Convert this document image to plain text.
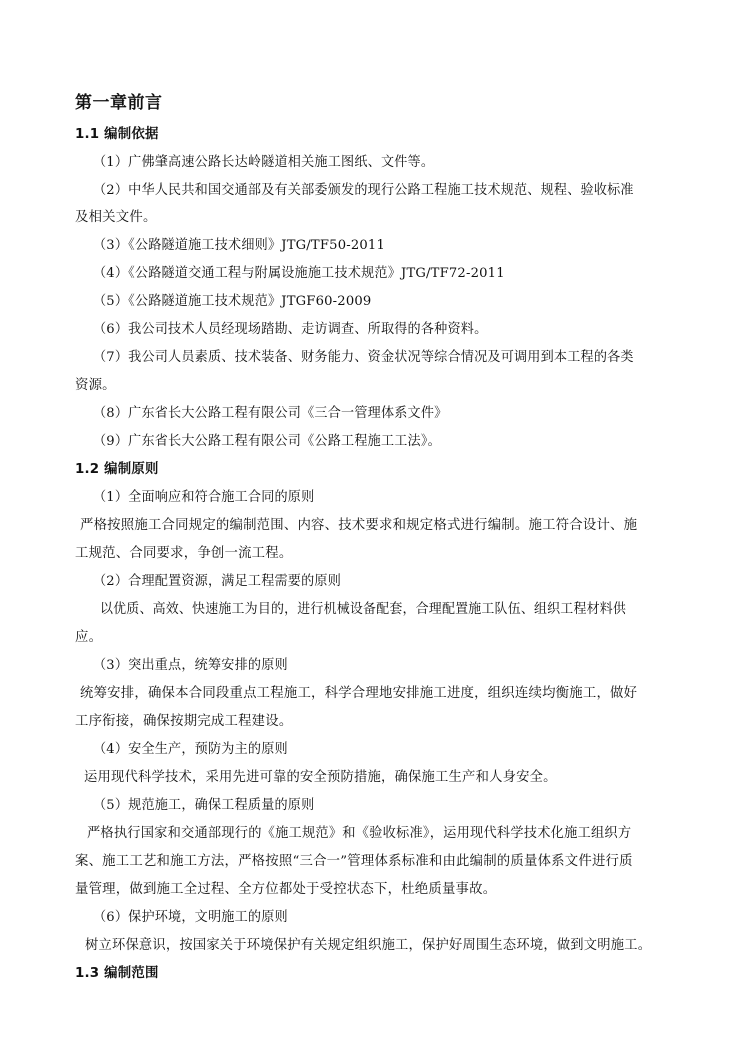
第一章前言
1.1 编制依据
（1）广佛肇高速公路长达岭隧道相关施工图纸、文件等。
（2）中华人民共和国交通部及有关部委颁发的现行公路工程施工技术规范、规程、验收标准
及相关文件。
（3）《公路隧道施工技术细则》JTG/TF50-2011
（4）《公路隧道交通工程与附属设施施工技术规范》JTG/TF72-2011
（5）《公路隧道施工技术规范》JTGF60-2009
（6）我公司技术人员经现场踏勘、走访调查、所取得的各种资料。
（7）我公司人员素质、技术装备、财务能力、资金状况等综合情况及可调用到本工程的各类
资源。
（8）广东省长大公路工程有限公司《三合一管理体系文件》
（9）广东省长大公路工程有限公司《公路工程施工工法》。
1.2 编制原则
（1）全面响应和符合施工合同的原则
严格按照施工合同规定的编制范围、内容、技术要求和规定格式进行编制。施工符合设计、施
工规范、合同要求，争创一流工程。
（2）合理配置资源，满足工程需要的原则
以优质、高效、快速施工为目的，进行机械设备配套，合理配置施工队伍、组织工程材料供
应。
（3）突出重点，统筹安排的原则
统筹安排，确保本合同段重点工程施工，科学合理地安排施工进度，组织连续均衡施工，做好
工序衔接，确保按期完成工程建设。
（4）安全生产，预防为主的原则
运用现代科学技术，采用先进可靠的安全预防措施，确保施工生产和人身安全。
（5）规范施工，确保工程质量的原则
严格执行国家和交通部现行的《施工规范》和《验收标准》，运用现代科学技术化施工组织方
案、施工工艺和施工方法，严格按照“三合一”管理体系标准和由此编制的质量体系文件进行质
量管理，做到施工全过程、全方位都处于受控状态下，杜绝质量事故。
（6）保护环境，文明施工的原则
树立环保意识，按国家关于环境保护有关规定组织施工，保护好周围生态环境，做到文明施工。
1.3 编制范围
